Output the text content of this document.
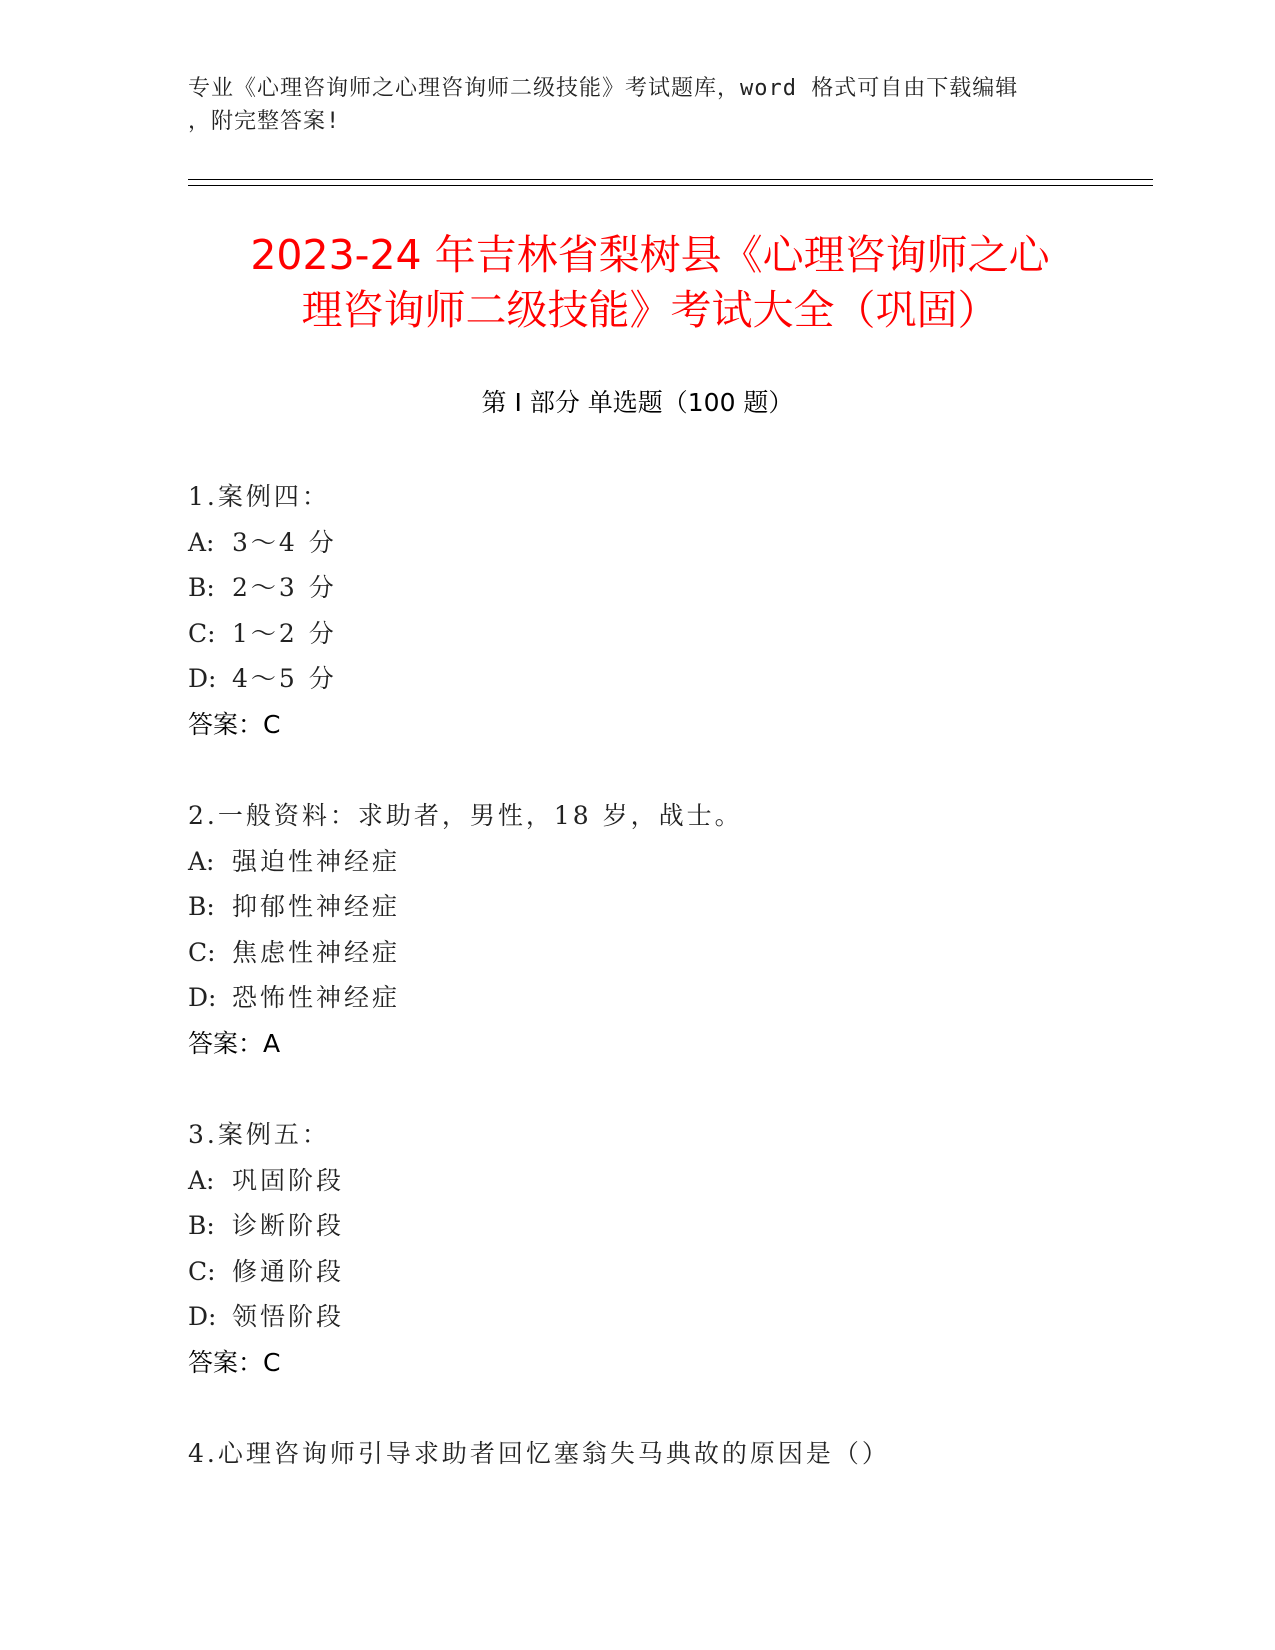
专业《心理咨询师之心理咨询师二级技能》考试题库，word 格式可自由下载编辑
，附完整答案!
2023-24 年吉林省梨树县《心理咨询师之心
理咨询师二级技能》考试大全（巩固）
第 I 部分 单选题（100 题）
1.案例四：
A: 3～4 分
B: 2～3 分
C: 1～2 分
D: 4～5 分
答案：C
2.一般资料：求助者，男性，18 岁，战士。
A: 强迫性神经症
B: 抑郁性神经症
C: 焦虑性神经症
D: 恐怖性神经症
答案：A
3.案例五：
A: 巩固阶段
B: 诊断阶段
C: 修通阶段
D: 领悟阶段
答案：C
4.心理咨询师引导求助者回忆塞翁失马典故的原因是（）
